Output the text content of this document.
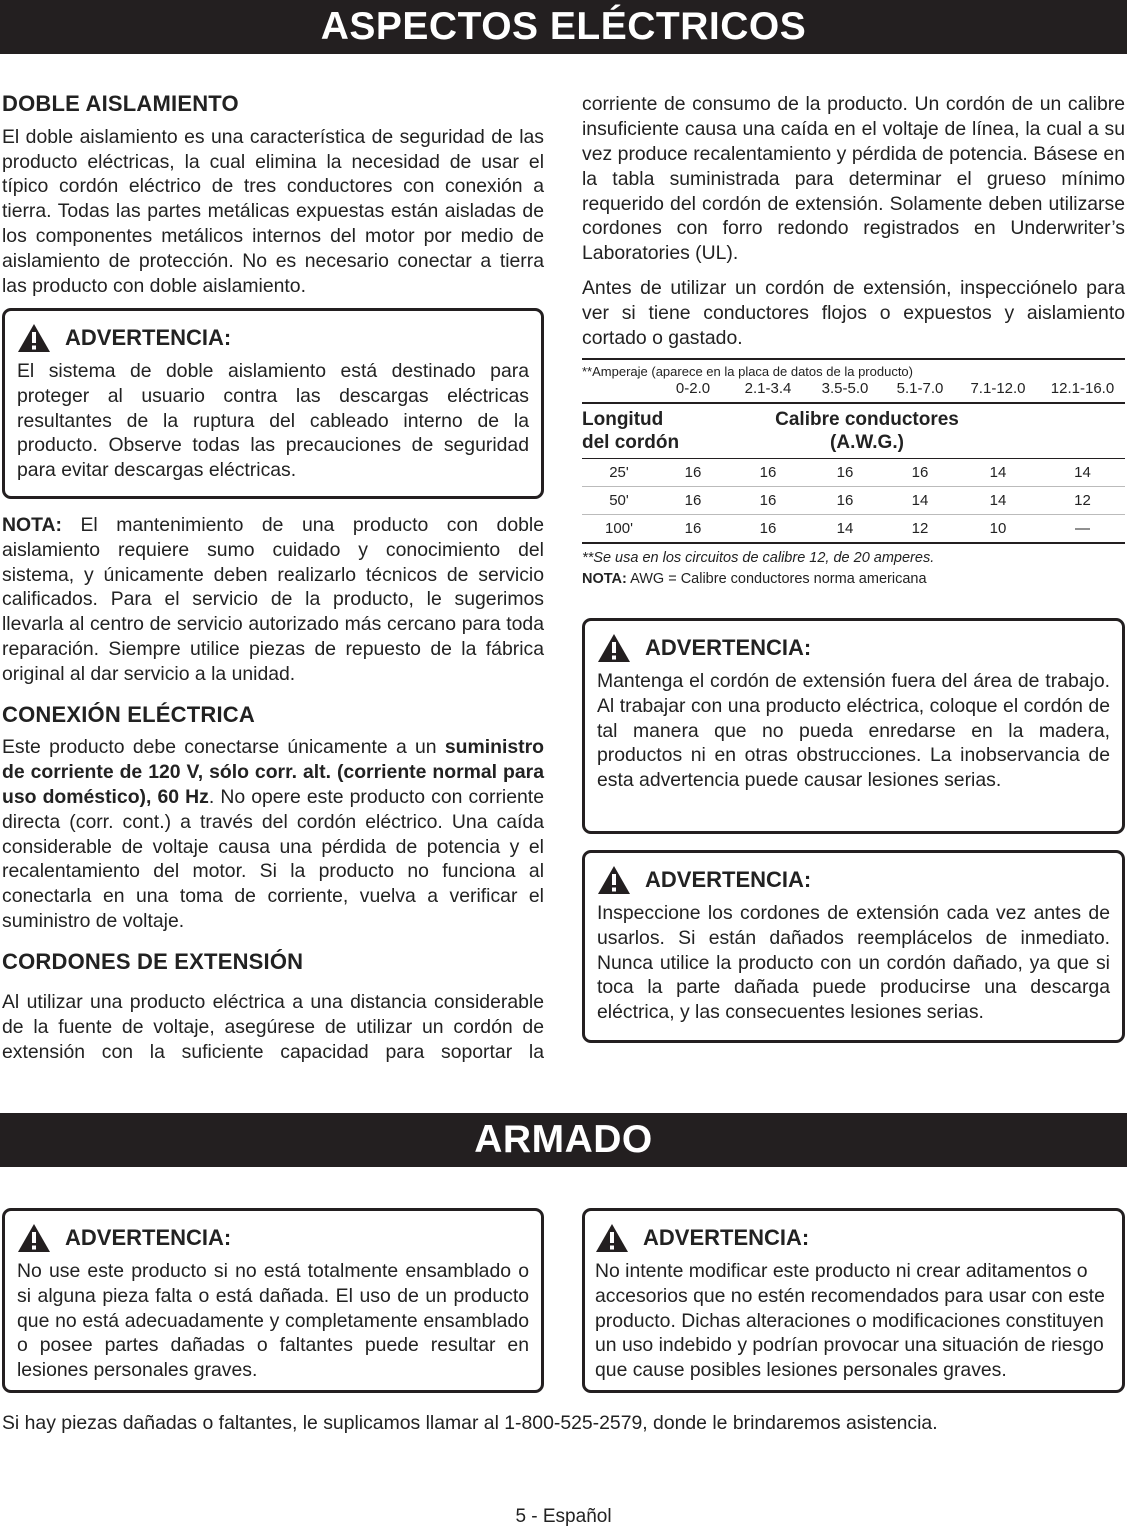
ASPECTOS ELÉCTRICOS
DOBLE AISLAMIENTO

El doble aislamiento es una característica de seguridad de las producto eléctricas, la cual elimina la necesidad de usar el típico cordón eléctrico de tres conductores con conexión a tierra. Todas las partes metálicas expuestas están aisladas de los componentes metálicos internos del motor por medio de aislamiento de protección. No es necesario conectar a tierra las producto con doble aislamiento.

ADVERTENCIA:

El sistema de doble aislamiento está destinado para proteger al usuario contra las descargas eléctricas resultantes de la ruptura del cableado interno de la producto. Observe todas las precauciones de seguridad para evitar descargas eléctricas.

NOTA: El mantenimiento de una producto con doble aislamiento requiere sumo cuidado y conocimiento del sistema, y únicamente deben realizarlo técnicos de servicio calificados. Para el servicio de la producto, le sugerimos llevarla al centro de servicio autorizado más cercano para toda reparación. Siempre utilice piezas de repuesto de la fábrica original al dar servicio a la unidad.

CONEXIÓN ELÉCTRICA

Este producto debe conectarse únicamente a un suministro de corriente de 120 V, sólo corr. alt. (corriente normal para uso doméstico), 60 Hz. No opere este producto con corriente directa (corr. cont.) a través del cordón eléctrico. Una caída considerable de voltaje causa una pérdida de potencia y el recalentamiento del motor. Si la producto no funciona al conectarla en una toma de corriente, vuelva a verificar el suministro de voltaje.

CORDONES DE EXTENSIÓN

Al utilizar una producto eléctrica a una distancia considerable de la fuente de voltaje, asegúrese de utilizar un cordón de extensión con la suficiente capacidad para soportar la

corriente de consumo de la producto. Un cordón de un calibre insuficiente causa una caída en el voltaje de línea, la cual a su vez produce recalentamiento y pérdida de potencia. Básese en la tabla suministrada para determinar el grueso mínimo requerido del cordón de extensión. Solamente deben utilizarse cordones con forro redondo registrados en Underwriter’s Laboratories (UL).

Antes de utilizar un cordón de extensión, inspecciónelo para ver si tiene conductores flojos o expuestos y aislamiento cortado o gastado.

**Amperaje (aparece en la placa de datos de la producto)
0-2.0	2.1-3.4	3.5-5.0	5.1-7.0	7.1-12.0	12.1-16.0
Longitud
del cordón
Calibre conductores
(A.W.G.)
25'	16	16	16	16	14	14
50'	16	16	16	14	14	12
100'	16	16	14	12	10	—
**Se usa en los circuitos de calibre 12, de 20 amperes.
NOTA: AWG = Calibre conductores norma americana
ADVERTENCIA:

Mantenga el cordón de extensión fuera del área de trabajo. Al trabajar con una producto eléctrica, coloque el cordón de tal manera que no pueda enredarse en la madera, productos ni en otras obstrucciones. La inobservancia de esta advertencia puede causar lesiones serias.

ADVERTENCIA:

Inspeccione los cordones de extensión cada vez antes de usarlos. Si están dañados reemplácelos de inmediato. Nunca utilice la producto con un cordón dañado, ya que si toca la parte dañada puede producirse una descarga eléctrica, y las consecuentes lesiones serias.

ARMADO
ADVERTENCIA:

No use este producto si no está totalmente ensamblado o si alguna pieza falta o está dañada. El uso de un producto que no está adecuadamente y completamente ensamblado o posee partes dañadas o faltantes puede resultar en lesiones personales graves.

ADVERTENCIA:

No intente modificar este producto ni crear aditamentos o accesorios que no estén recomendados para usar con este producto. Dichas alteraciones o modificaciones constituyen un uso indebido y podrían provocar una situación de riesgo que cause posibles lesiones personales graves.

Si hay piezas dañadas o faltantes, le suplicamos llamar al 1-800-525-2579, donde le brindaremos asistencia.
5 - Español
